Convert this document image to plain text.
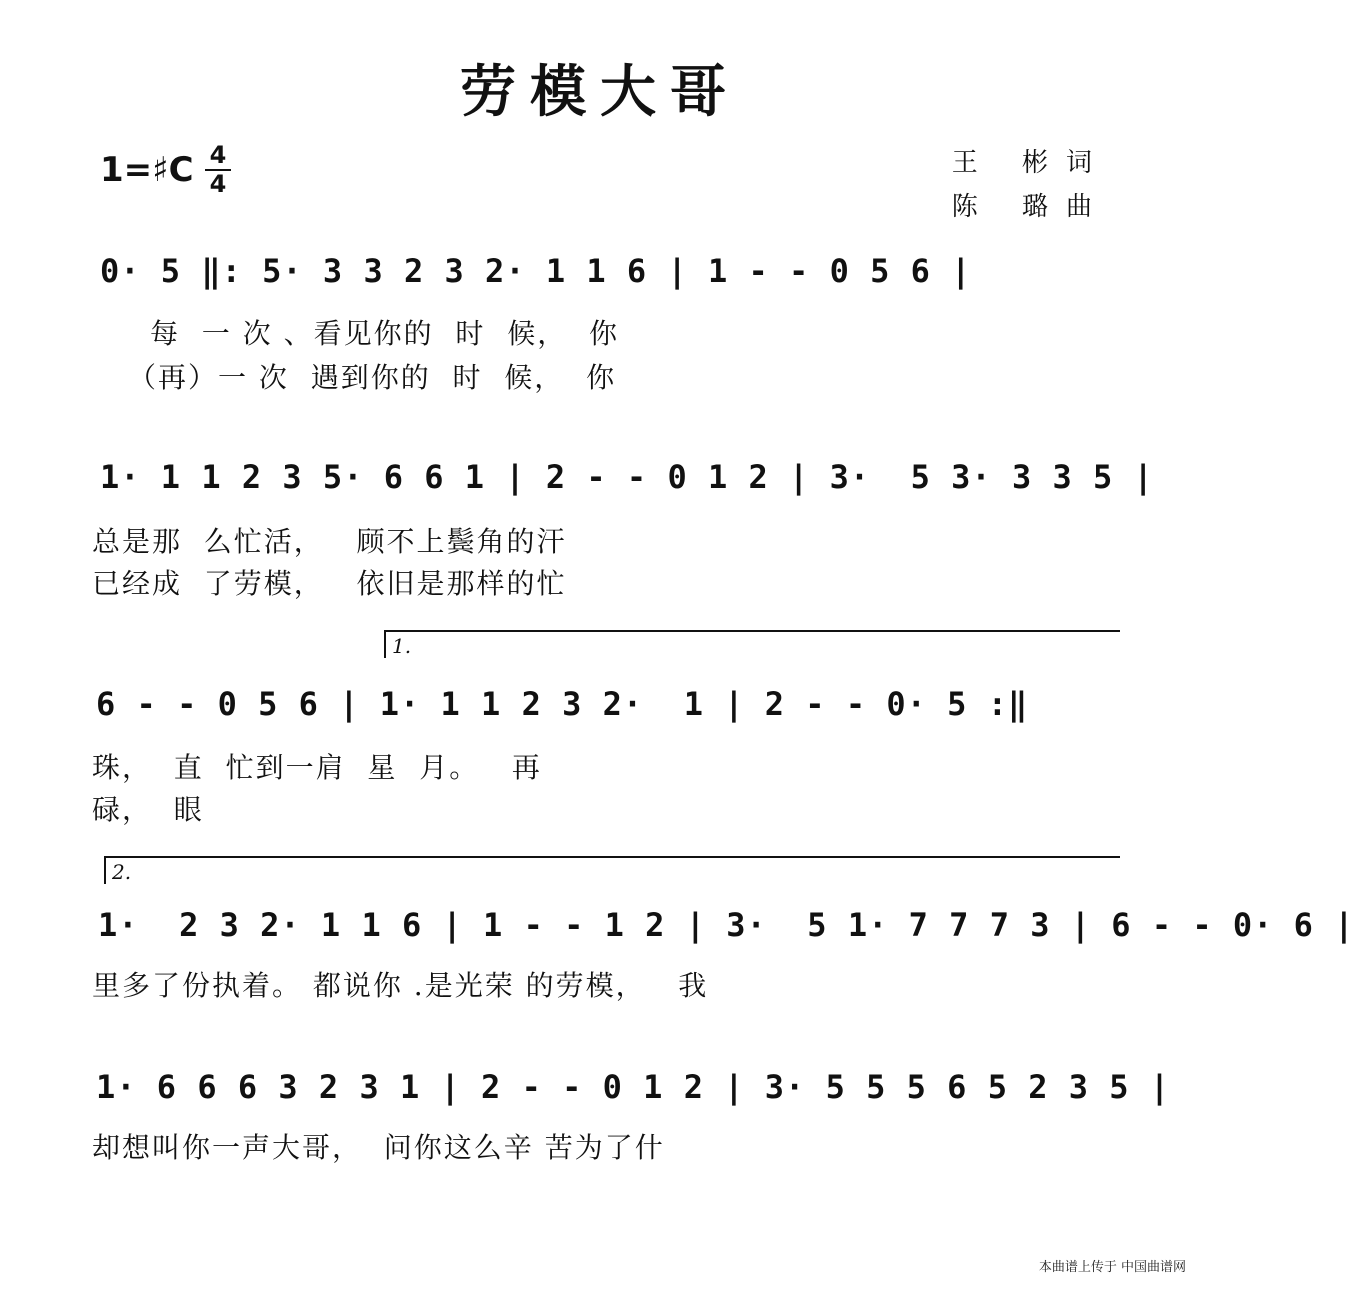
劳模大哥
1=♯C 4
4
王 彬词
陈 璐曲
0· 5 ‖: 5· 3 3 2 3 2· 1 1 6 | 1 - - 0 5 6 |
每  一 次 、看见你的  时  候，  你
（再）一 次  遇到你的  时  候，  你
1· 1 1 2 3 5· 6 6 1 | 2 - - 0 1 2 | 3·  5 3· 3 3 5 |
总是那  么忙活，   顾不上鬓角的汗
已经成  了劳模，   依旧是那样的忙
1.
6 - - 0 5 6 | 1· 1 1 2 3 2·  1 | 2 - - 0· 5 :‖
珠，  直  忙到一肩  星  月。   再
碌，  眼
2.
1·  2 3 2· 1 1 6 | 1 - - 1 2 | 3·  5 1· 7 7 7 3 | 6 - - 0· 6 |
里多了份执着。 都说你 .是光荣 的劳模，   我
1· 6 6 6 3 2 3 1 | 2 - - 0 1 2 | 3· 5 5 5 6 5 2 3 5 |
却想叫你一声大哥，  问你这么辛 苦为了什
本曲谱上传于 中国曲谱网
